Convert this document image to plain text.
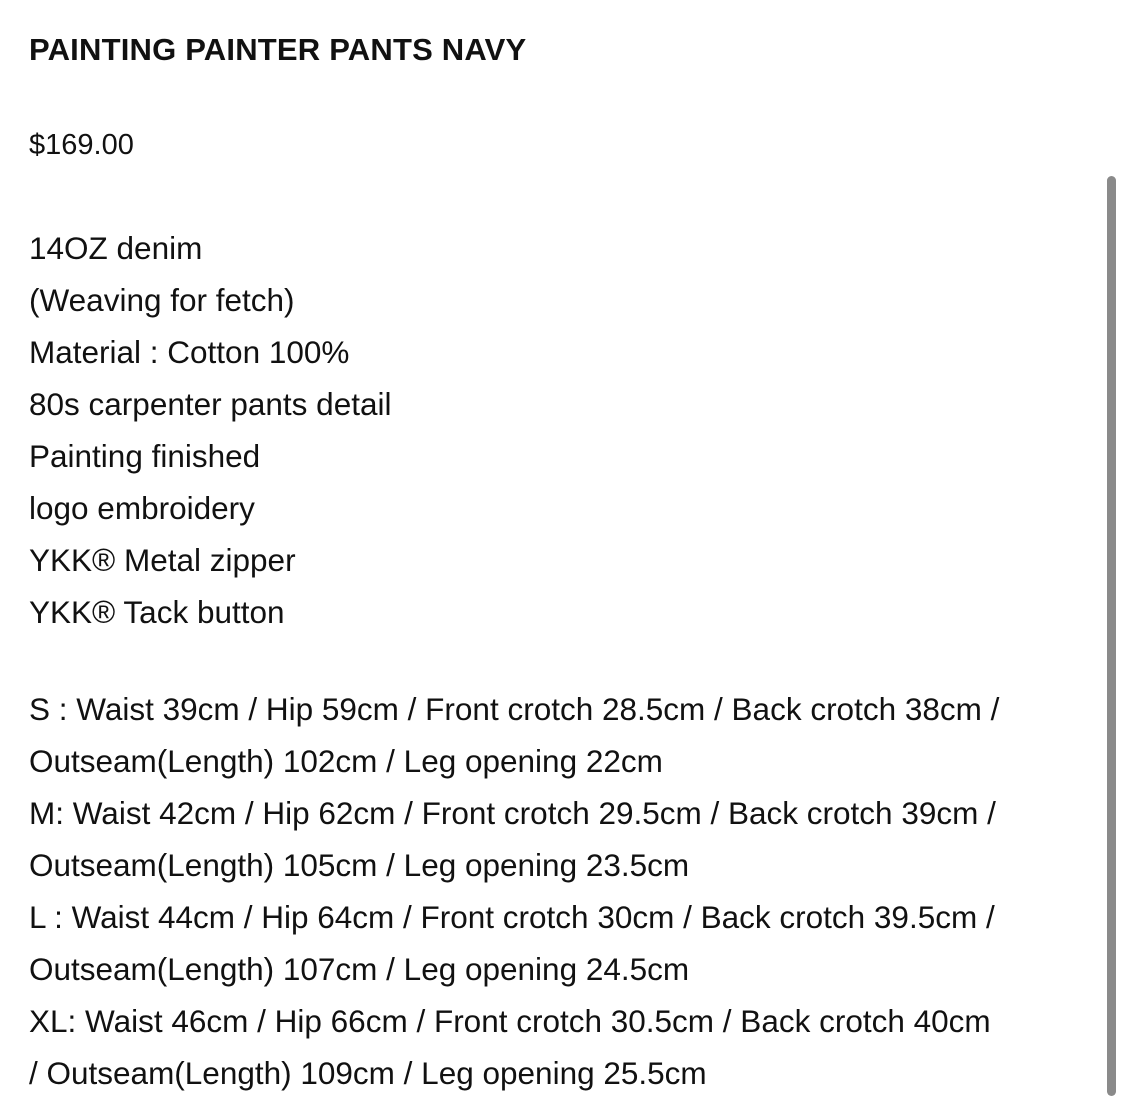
PAINTING PAINTER PANTS NAVY
$169.00
14OZ denim
(Weaving for fetch)
Material : Cotton 100%
80s carpenter pants detail
Painting finished
logo embroidery
YKK® Metal zipper
YKK® Tack button
S : Waist 39cm / Hip 59cm / Front crotch 28.5cm / Back crotch 38cm /
Outseam(Length) 102cm / Leg opening 22cm
M: Waist 42cm / Hip 62cm / Front crotch 29.5cm / Back crotch 39cm /
Outseam(Length) 105cm / Leg opening 23.5cm
L : Waist 44cm / Hip 64cm / Front crotch 30cm / Back crotch 39.5cm /
Outseam(Length) 107cm / Leg opening 24.5cm
XL: Waist 46cm / Hip 66cm / Front crotch 30.5cm / Back crotch 40cm
/ Outseam(Length) 109cm / Leg opening 25.5cm
